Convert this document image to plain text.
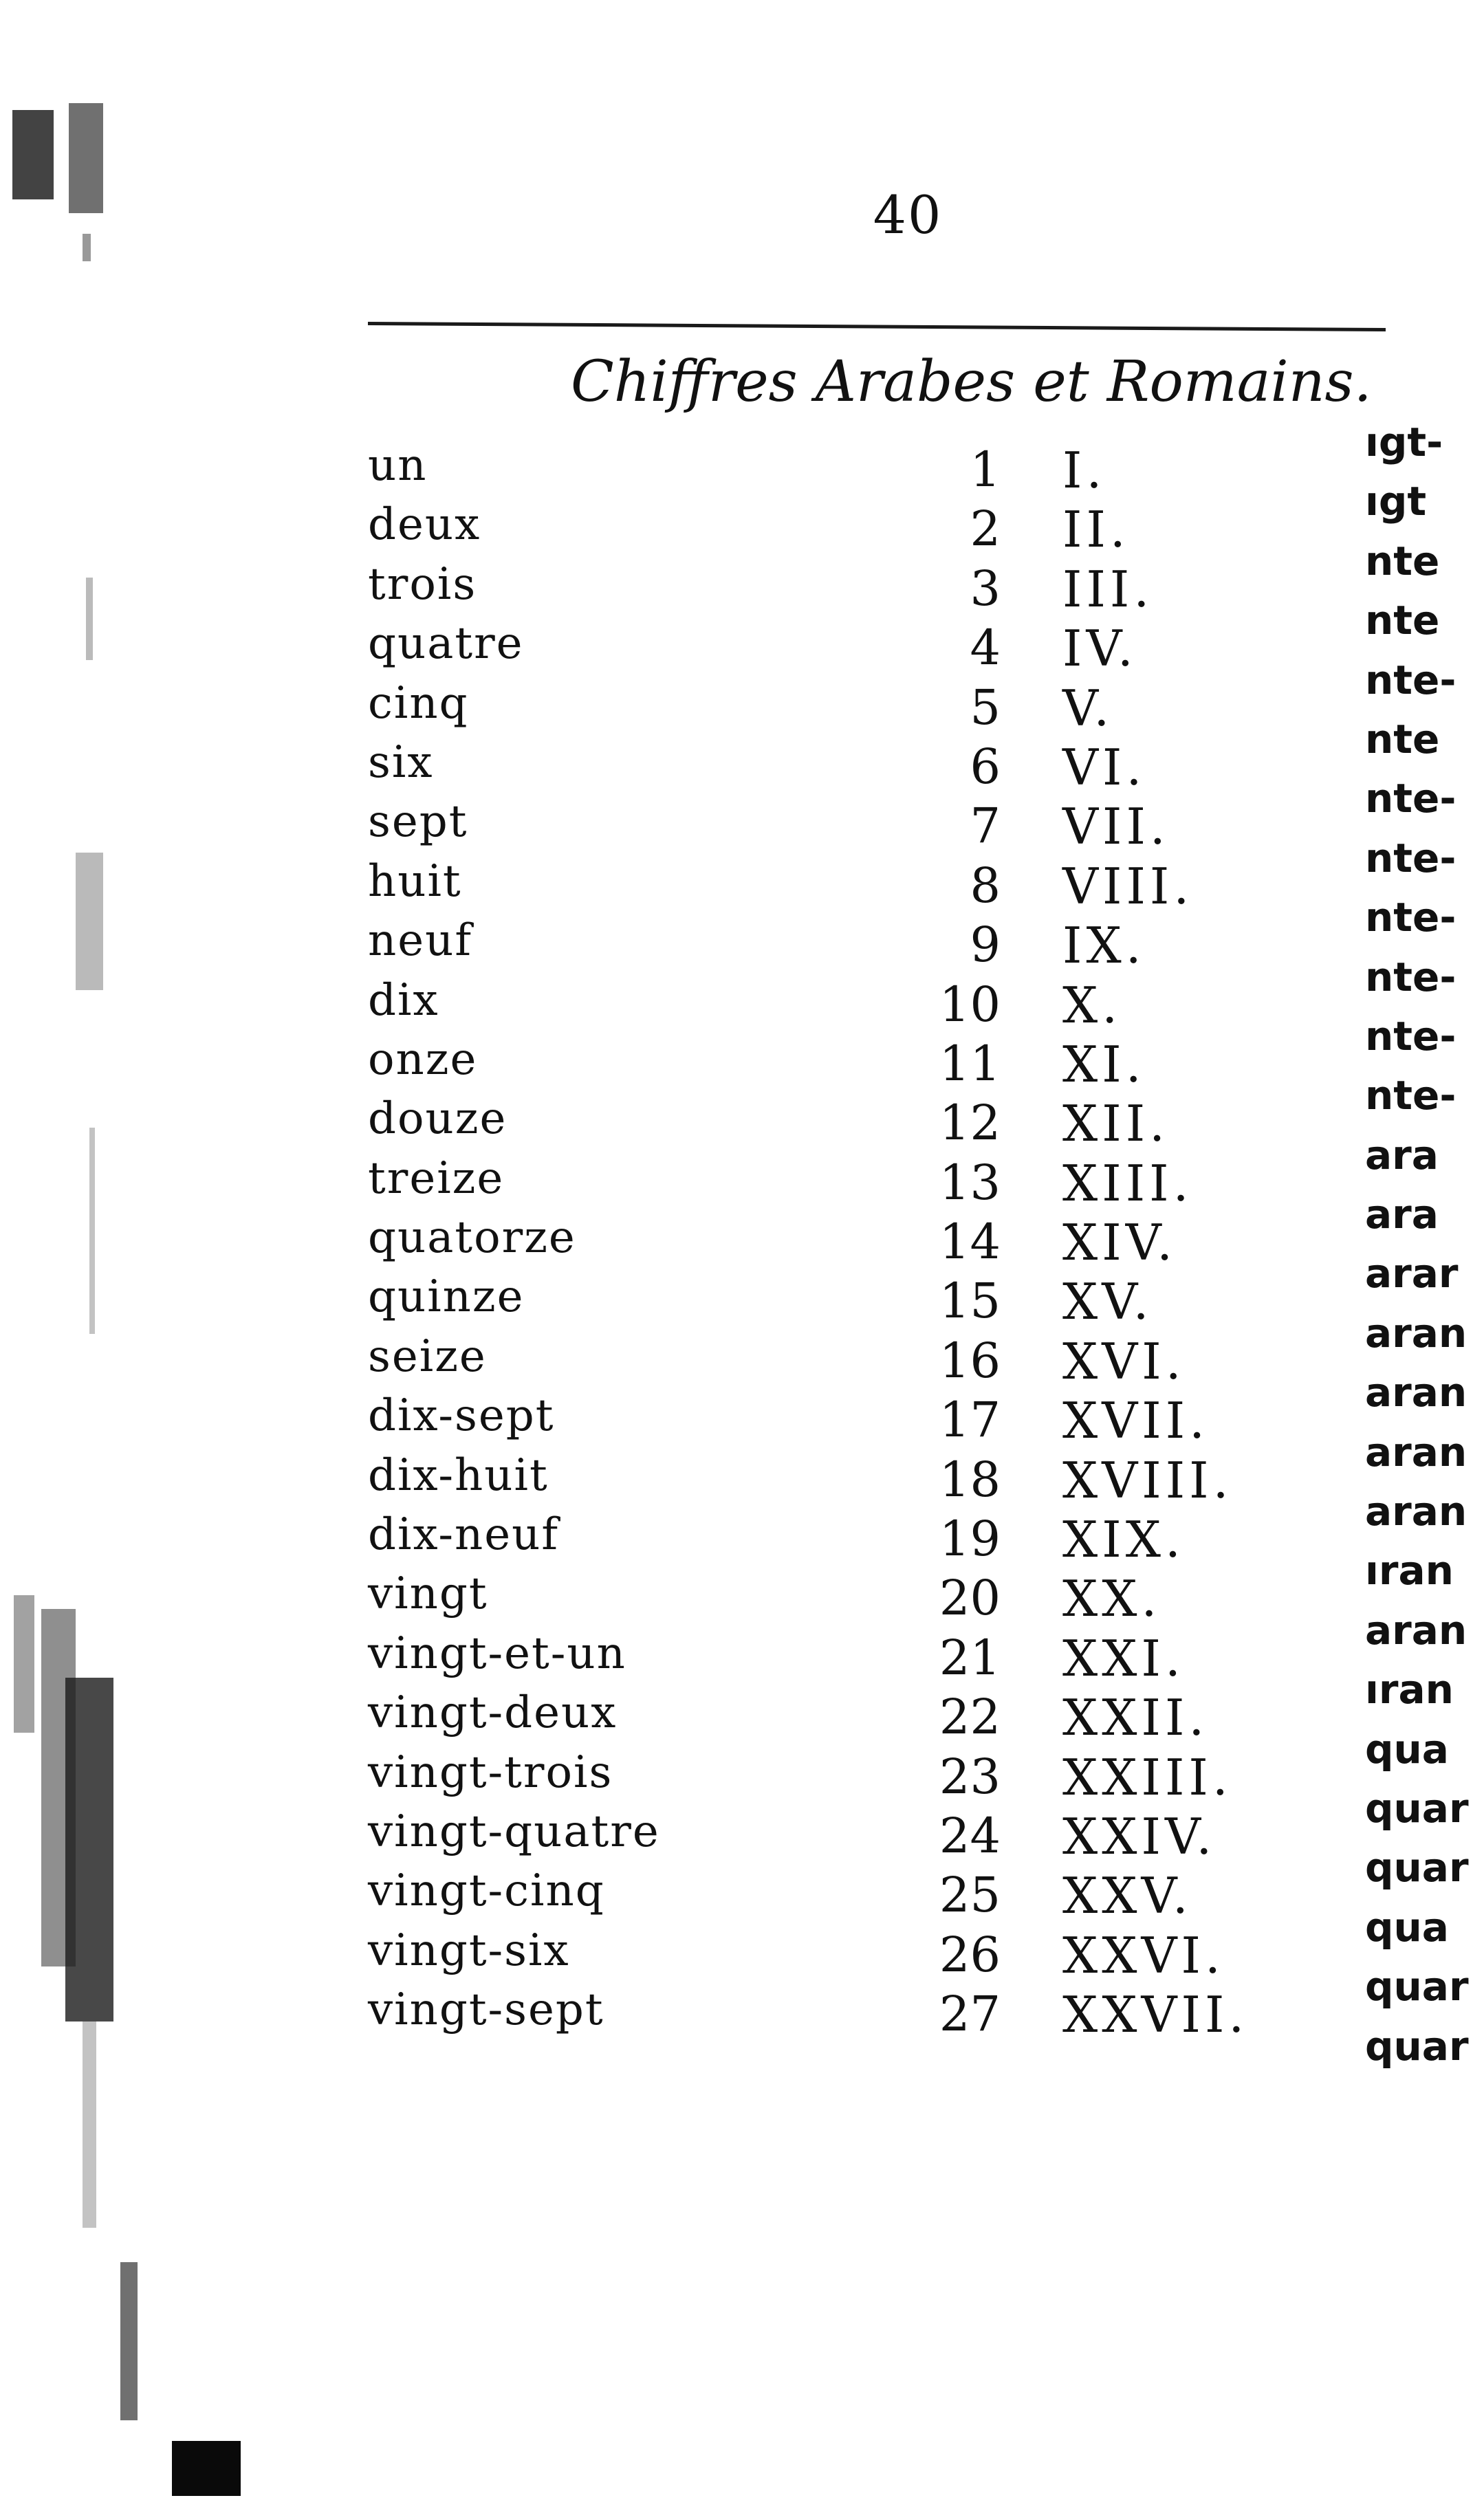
40
Chiffres Arabes et Romains.
un	1 I.
deux	2 II.
trois	3 III.
quatre	4 IV.
cinq	5 V.
six	6 VI.
sept	7 VII.
huit	8 VIII.
neuf	9 IX.
dix	10 X.
onze	11 XI.
douze	12 XII.
treize	13 XIII.
quatorze	14 XIV.
quinze	15 XV.
seize	16 XVI.
dix-sept	17 XVII.
dix-huit	18 XVIII.
dix-neuf	19 XIX.
vingt	20 XX.
vingt-et-un	21 XXI.
vingt-deux	22 XXII.
vingt-trois	23 XXIII.
vingt-quatre	24 XXIV.
vingt-cinq	25 XXV.
vingt-six	26 XXVI.
vingt-sept	27 XXVII.
ıgt-
ıgt
nte
nte
nte-
nte
nte-
nte-
nte-
nte-
nte-
nte-
ara
ara
arar
aran
aran
aran
aran
ıran
aran
ıran
qua
quar
quar
qua
quar
quar
